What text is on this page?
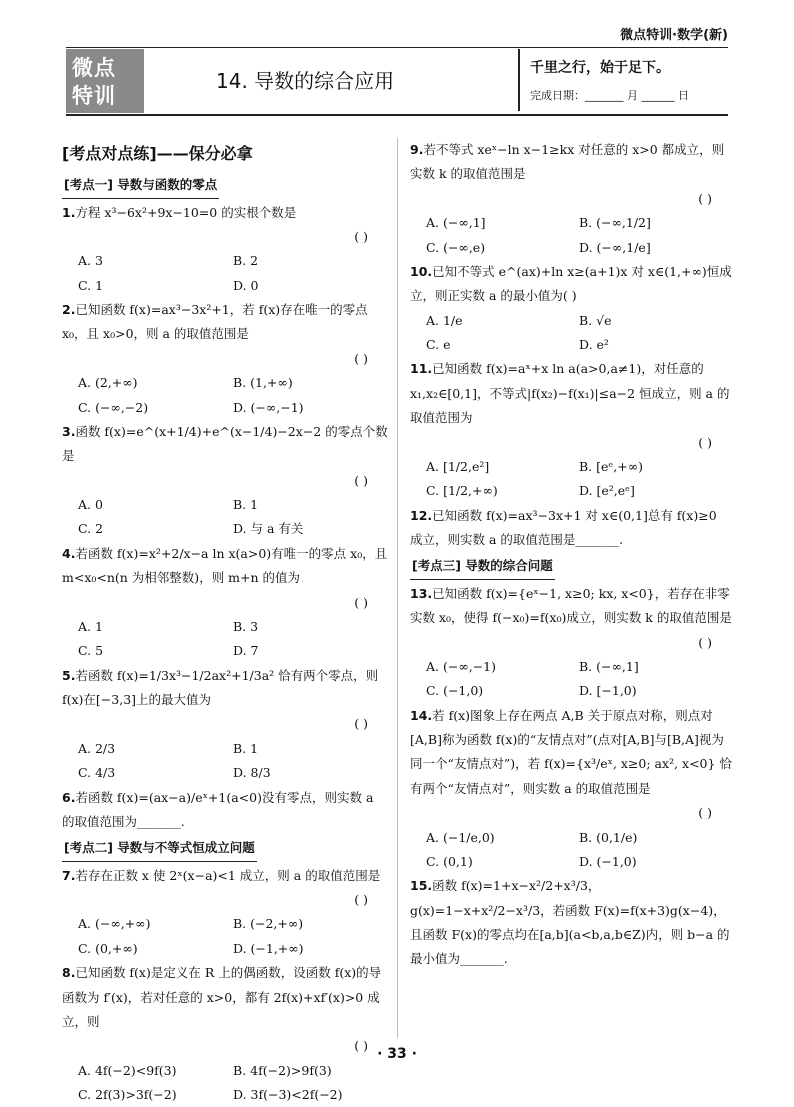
微点特训·数学(新)
微点
特训
14. 导数的综合应用
千里之行，始于足下。
完成日期：_______ 月 ______ 日
[考点对点练]——保分必拿
[考点一] 导数与函数的零点
1.方程 x³−6x²+9x−10=0 的实根个数是
( )
A. 3	B. 2
C. 1	D. 0
2.已知函数 f(x)=ax³−3x²+1，若 f(x)存在唯一的零点 x₀，且 x₀>0，则 a 的取值范围是
( )
A. (2,+∞)	B. (1,+∞)
C. (−∞,−2)	D. (−∞,−1)
3.函数 f(x)=e^(x+1/4)+e^(x−1/4)−2x−2 的零点个数是
( )
A. 0	B. 1
C. 2	D. 与 a 有关
4.若函数 f(x)=x²+2/x−a ln x(a>0)有唯一的零点 x₀，且 m<x₀<n(n 为相邻整数)，则 m+n 的值为
( )
A. 1	B. 3
C. 5	D. 7
5.若函数 f(x)=1/3x³−1/2ax²+1/3a² 恰有两个零点，则 f(x)在[−3,3]上的最大值为
( )
A. 2/3	B. 1
C. 4/3	D. 8/3
6.若函数 f(x)=(ax−a)/eˣ+1(a<0)没有零点，则实数 a 的取值范围为_______.
[考点二] 导数与不等式恒成立问题
7.若存在正数 x 使 2ˣ(x−a)<1 成立，则 a 的取值范围是
( )
A. (−∞,+∞)	B. (−2,+∞)
C. (0,+∞)	D. (−1,+∞)
8.已知函数 f(x)是定义在 R 上的偶函数，设函数 f(x)的导函数为 f′(x)，若对任意的 x>0，都有 2f(x)+xf′(x)>0 成立，则
( )
A. 4f(−2)<9f(3)	B. 4f(−2)>9f(3)
C. 2f(3)>3f(−2)	D. 3f(−3)<2f(−2)
9.若不等式 xeˣ−ln x−1≥kx 对任意的 x>0 都成立，则实数 k 的取值范围是
( )
A. (−∞,1]	B. (−∞,1/2]
C. (−∞,e)	D. (−∞,1/e]
10.已知不等式 e^(ax)+ln x≥(a+1)x 对 x∈(1,+∞)恒成立，则正实数 a 的最小值为( )
A. 1/e	B. √e
C. e	D. e²
11.已知函数 f(x)=aˣ+x ln a(a>0,a≠1)，对任意的 x₁,x₂∈[0,1]，不等式|f(x₂)−f(x₁)|≤a−2 恒成立，则 a 的取值范围为
( )
A. [1/2,e²]	B. [eᵉ,+∞)
C. [1/2,+∞)	D. [e²,eᵉ]
12.已知函数 f(x)=ax³−3x+1 对 x∈(0,1]总有 f(x)≥0 成立，则实数 a 的取值范围是_______.
[考点三] 导数的综合问题
13.已知函数 f(x)={eˣ−1, x≥0; kx, x<0}，若存在非零实数 x₀，使得 f(−x₀)=f(x₀)成立，则实数 k 的取值范围是
( )
A. (−∞,−1)	B. (−∞,1]
C. (−1,0)	D. [−1,0)
14.若 f(x)图象上存在两点 A,B 关于原点对称，则点对[A,B]称为函数 f(x)的“友情点对”(点对[A,B]与[B,A]视为同一个“友情点对”)，若 f(x)={x³/eˣ, x≥0; ax², x<0} 恰有两个“友情点对”，则实数 a 的取值范围是
( )
A. (−1/e,0)	B. (0,1/e)
C. (0,1)	D. (−1,0)
15.函数 f(x)=1+x−x²/2+x³/3，g(x)=1−x+x²/2−x³/3，若函数 F(x)=f(x+3)g(x−4)，且函数 F(x)的零点均在[a,b](a<b,a,b∈Z)内，则 b−a 的最小值为_______.
· 33 ·
